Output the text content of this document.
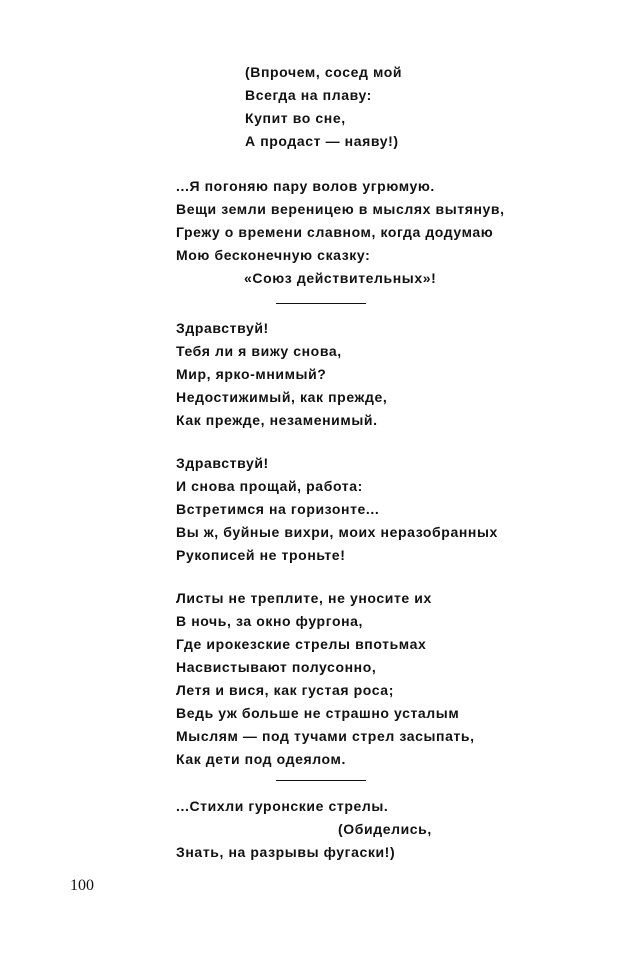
(Впрочем, сосед мой
Всегда на плаву:
Купит во сне,
А продаст — наяву!)
...Я погоняю пару волов угрюмую.
Вещи земли вереницею в мыслях вытянув,
Грежу о времени славном, когда додумаю
Мою бесконечную сказку:
«Союз действительных»!
Здравствуй!
Тебя ли я вижу снова,
Мир, ярко-мнимый?
Недостижимый, как прежде,
Как прежде, незаменимый.
Здравствуй!
И снова прощай, работа:
Встретимся на горизонте...
Вы ж, буйные вихри, моих неразобранных
Рукописей не троньте!
Листы не треплите, не уносите их
В ночь, за окно фургона,
Где ирокезские стрелы впотьмах
Насвистывают полусонно,
Летя и вися, как густая роса;
Ведь уж больше не страшно усталым
Мыслям — под тучами стрел засыпать,
Как дети под одеялом.
...Стихли гуронские стрелы.
(Обиделись,
Знать, на разрывы фугаски!)
100
